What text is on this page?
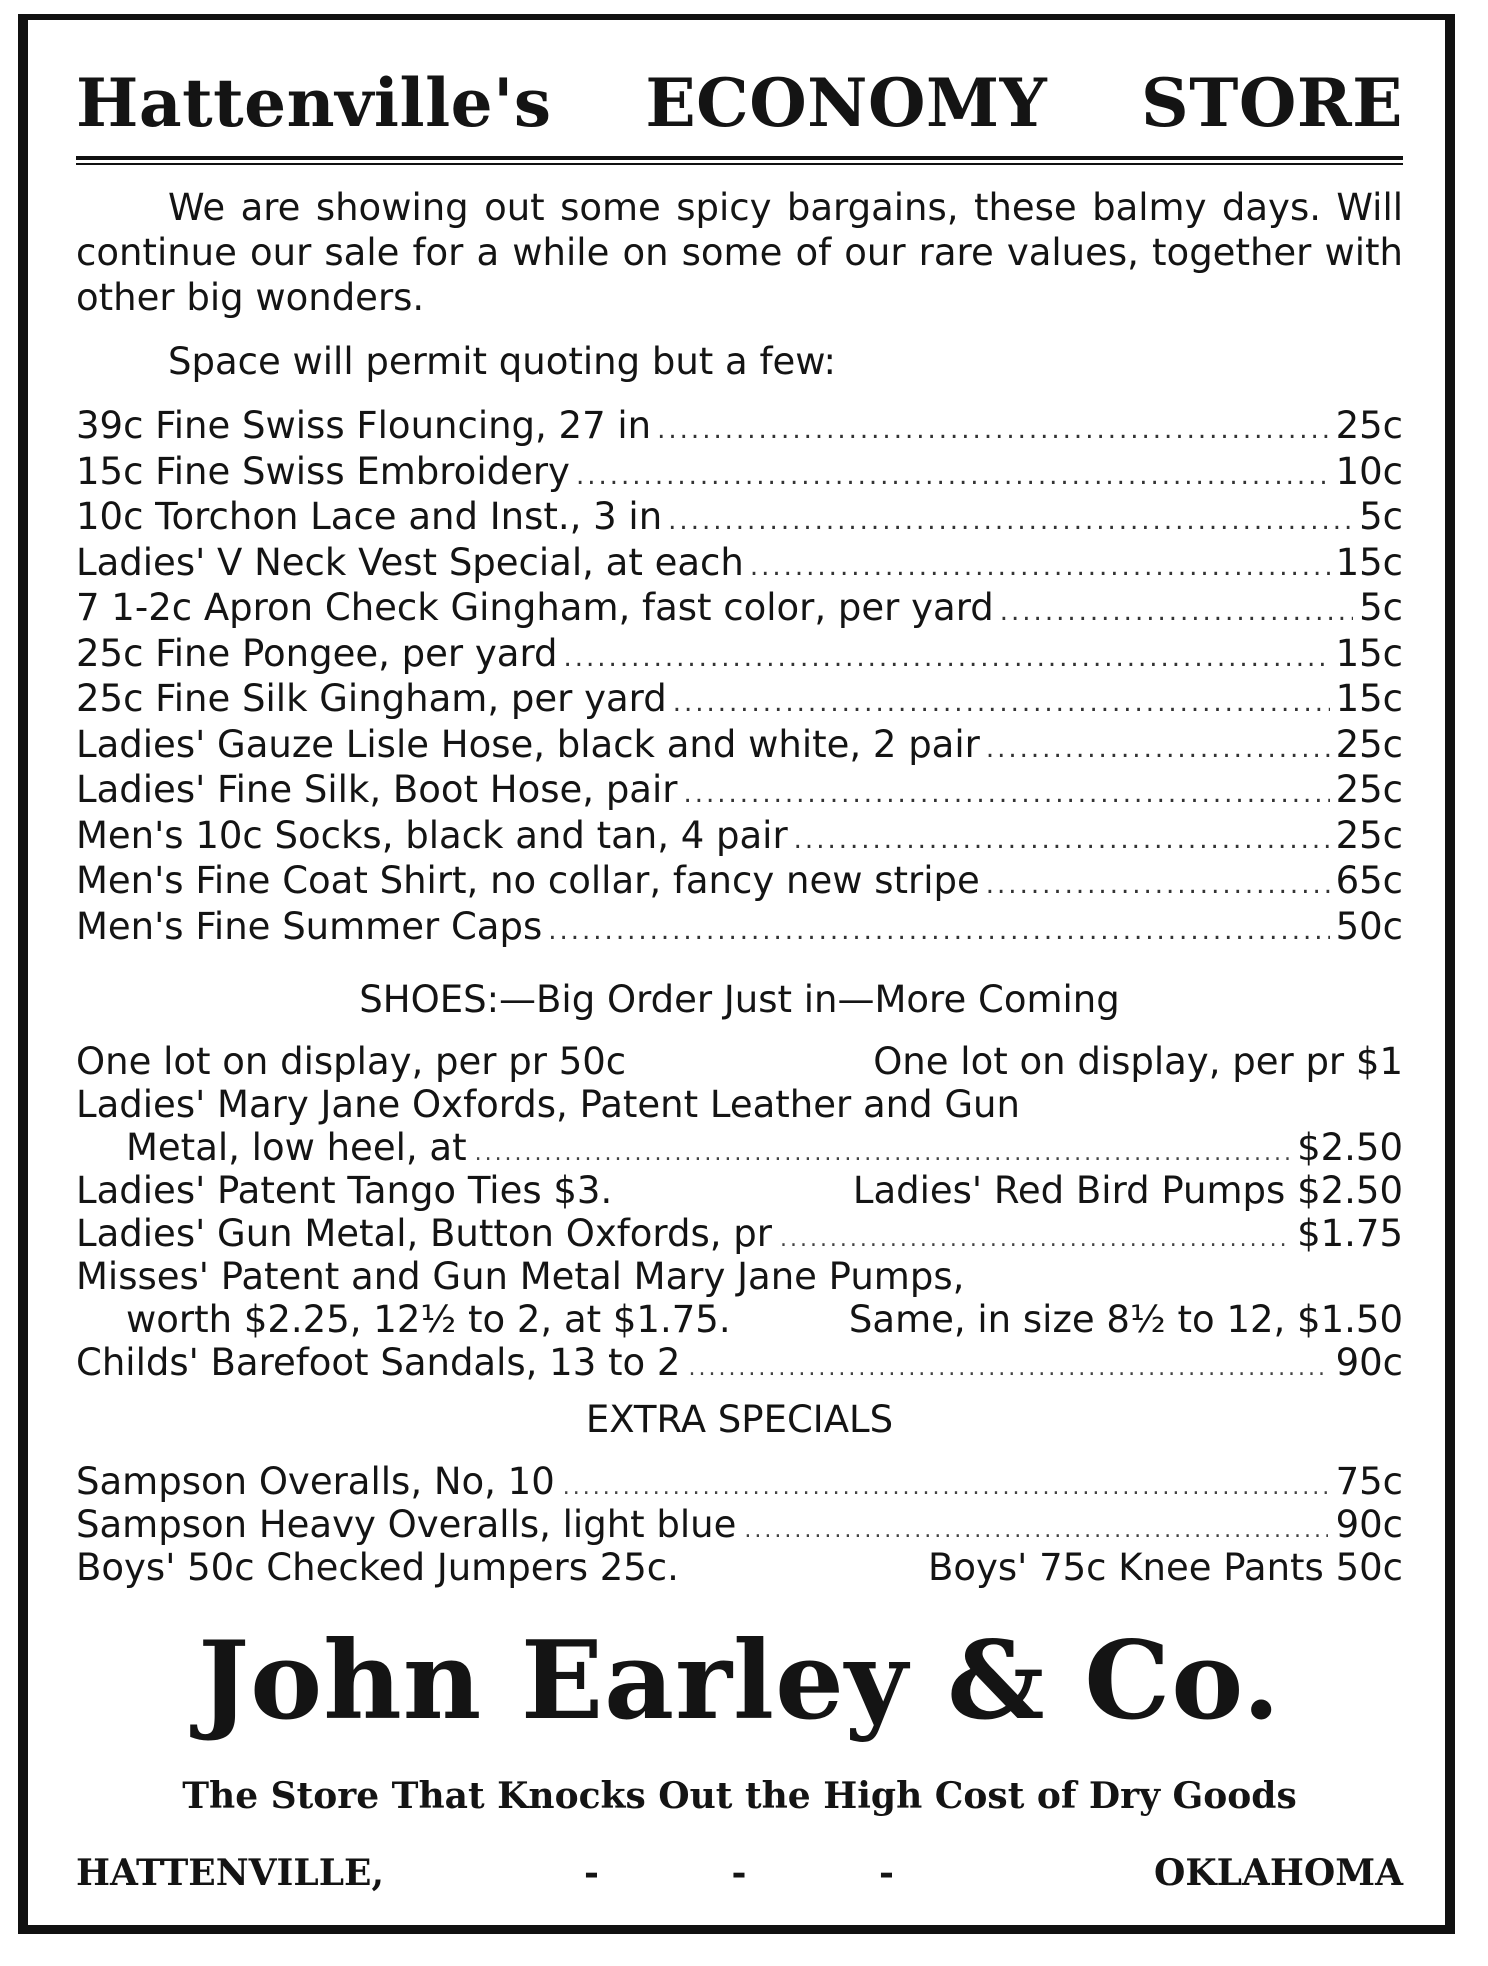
Hattenville's ECONOMY STORE
We are showing out some spicy bargains, these balmy days. Will continue our sale for a while on some of our rare values, together with other big wonders.
Space will permit quoting but a few:
39c Fine Swiss Flouncing, 27 in .....	25c
15c Fine Swiss Embroidery .....	10c
10c Torchon Lace and Inst., 3 in .....	5c
Ladies' V Neck Vest Special, at each .....	15c
7 1-2c Apron Check Gingham, fast color, per yard .....	5c
25c Fine Pongee, per yard .....	15c
25c Fine Silk Gingham, per yard .....	15c
Ladies' Gauze Lisle Hose, black and white, 2 pair .....	25c
Ladies' Fine Silk, Boot Hose, pair .....	25c
Men's 10c Socks, black and tan, 4 pair .....	25c
Men's Fine Coat Shirt, no collar, fancy new stripe .....	65c
Men's Fine Summer Caps .....	50c
SHOES:—Big Order Just in—More Coming
One lot on display, per pr 50c	One lot on display, per pr $1
Ladies' Mary Jane Oxfords, Patent Leather and Gun
Metal, low heel, at .....	$2.50
Ladies' Patent Tango Ties $3.	Ladies' Red Bird Pumps $2.50
Ladies' Gun Metal, Button Oxfords, pr .....	$1.75
Misses' Patent and Gun Metal Mary Jane Pumps,
worth $2.25, 12½ to 2, at $1.75.	Same, in size 8½ to 12, $1.50
Childs' Barefoot Sandals, 13 to 2 .....	90c
EXTRA SPECIALS
Sampson Overalls, No, 10 .....	75c
Sampson Heavy Overalls, light blue .....	90c
Boys' 50c Checked Jumpers 25c.	Boys' 75c Knee Pants 50c
John Earley & Co.
The Store That Knocks Out the High Cost of Dry Goods
HATTENVILLE,	- - -	OKLAHOMA
